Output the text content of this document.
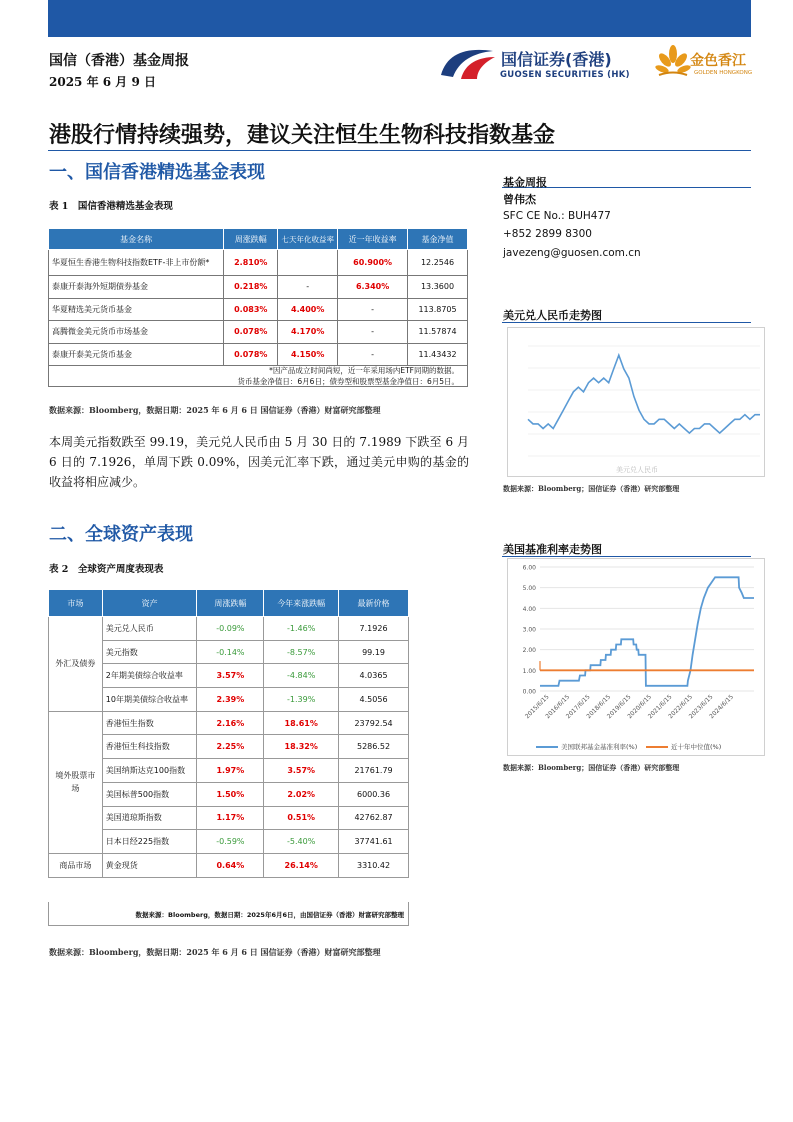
国信（香港）基金周报
2025 年 6 月 9 日
国信证券(香港)
GUOSEN SECURITIES (HK)
金色香江
GOLDEN HONGKONG
港股行情持续强势，建议关注恒生生物科技指数基金
一、国信香港精选基金表现
表 1　国信香港精选基金表现
基金名称	周涨跌幅	七天年化收益率	近一年收益率	基金净值
华夏恒生香港生物科技指数ETF-非上市份额*	2.810%		60.900%	12.2546
泰康开泰海外短期债券基金	0.218%	-	6.340%	13.3600
华夏精选美元货币基金	0.083%	4.400%	-	113.8705
高腾微金美元货币市场基金	0.078%	4.170%	-	11.57874
泰康开泰美元货币基金	0.078%	4.150%	-	11.43432
*因产品成立时间尚短，近一年采用场内ETF同期的数据。
货币基金净值日：6月6日；债券型和股票型基金净值日：6月5日。
数据来源：Bloomberg，数据日期：2025 年 6 月 6 日 国信证券（香港）财富研究部整理
本周美元指数跌至 99.19，美元兑人民币由 5 月 30 日的 7.1989 下跌至 6 月 6 日的 7.1926，单周下跌 0.09%，因美元汇率下跌，通过美元申购的基金的收益将相应减少。
二、全球资产表现
表 2　全球资产周度表现表
市场	资产	周涨跌幅	今年来涨跌幅	最新价格
外汇及债券	美元兑人民币	-0.09%	-1.46%	7.1926
	美元指数	-0.14%	-8.57%	99.19
	2年期美债综合收益率	3.57%	-4.84%	4.0365
	10年期美债综合收益率	2.39%	-1.39%	4.5056
境外股票市场	香港恒生指数	2.16%	18.61%	23792.54
	香港恒生科技指数	2.25%	18.32%	5286.52
	美国纳斯达克100指数	1.97%	3.57%	21761.79
	美国标普500指数	1.50%	2.02%	6000.36
	美国道琼斯指数	1.17%	0.51%	42762.87
	日本日经225指数	-0.59%	-5.40%	37741.61
商品市场	黄金现货	0.64%	26.14%	3310.42
数据来源：Bloomberg，数据日期：2025年6月6日，由国信证券（香港）财富研究部整理
数据来源：Bloomberg，数据日期：2025 年 6 月 6 日 国信证券（香港）财富研究部整理
基金周报
曾伟杰
SFC CE No.: BUH477
+852 2899 8300
javezeng@guosen.com.cn
美元兑人民币走势图
美元兑人民币
数据来源：Bloomberg；国信证券（香港）研究部整理
美国基准利率走势图
0.00
1.00
2.00
3.00
4.00
5.00
6.00
2015/6/15
2016/6/15
2017/6/15
2018/6/15
2019/6/15
2020/6/15
2021/6/15
2022/6/15
2023/6/15
2024/6/15
美国联邦基金基准利率(%)	近十年中位值(%)
数据来源：Bloomberg；国信证券（香港）研究部整理
